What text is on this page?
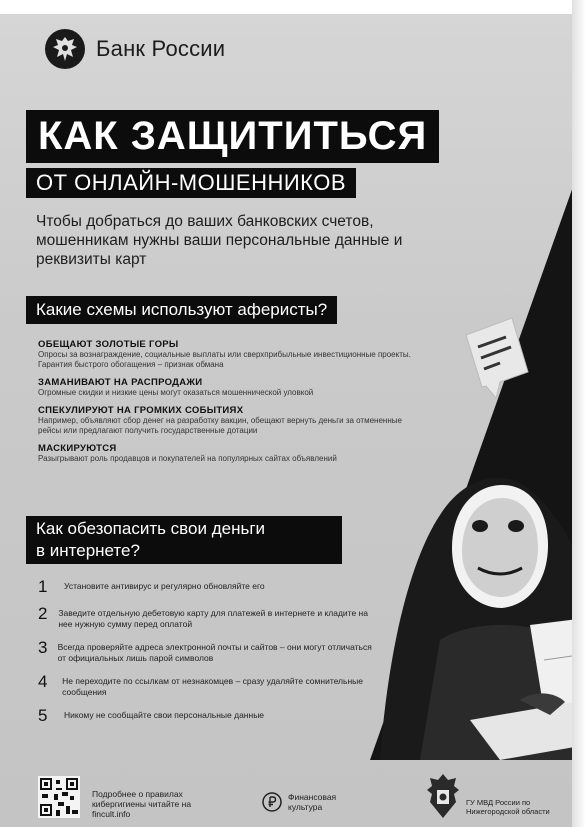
Банк России
КАК ЗАЩИТИТЬСЯ
ОТ ОНЛАЙН-МОШЕННИКОВ
Чтобы добраться до ваших банковских счетов, мошенникам нужны ваши персональные данные и реквизиты карт
Какие схемы используют аферисты?
ОБЕЩАЮТ ЗОЛОТЫЕ ГОРЫ
Опросы за вознаграждение, социальные выплаты или сверхприбыльные инвестиционные проекты. Гарантия быстрого обогащения – признак обмана
ЗАМАНИВАЮТ НА РАСПРОДАЖИ
Огромные скидки и низкие цены могут оказаться мошеннической уловкой
СПЕКУЛИРУЮТ НА ГРОМКИХ СОБЫТИЯХ
Например, объявляют сбор денег на разработку вакцин, обещают вернуть деньги за отмененные рейсы или предлагают получить государственные дотации
МАСКИРУЮТСЯ
Разыгрывают роль продавцов и покупателей на популярных сайтах объявлений
Как обезопасить свои деньги
в интернете?
1	Установите антивирус и регулярно обновляйте его
2	Заведите отдельную дебетовую карту для платежей в интернете и кладите на нее нужную сумму перед оплатой
3	Всегда проверяйте адреса электронной почты и сайтов – они могут отличаться от официальных лишь парой символов
4	Не переходите по ссылкам от незнакомцев – сразу удаляйте сомнительные сообщения
5	Никому не сообщайте свои персональные данные
Подробнее о правилах кибергигиены читайте на fincult.info
Финансовая культура	ГУ МВД России по Нижегородской области
